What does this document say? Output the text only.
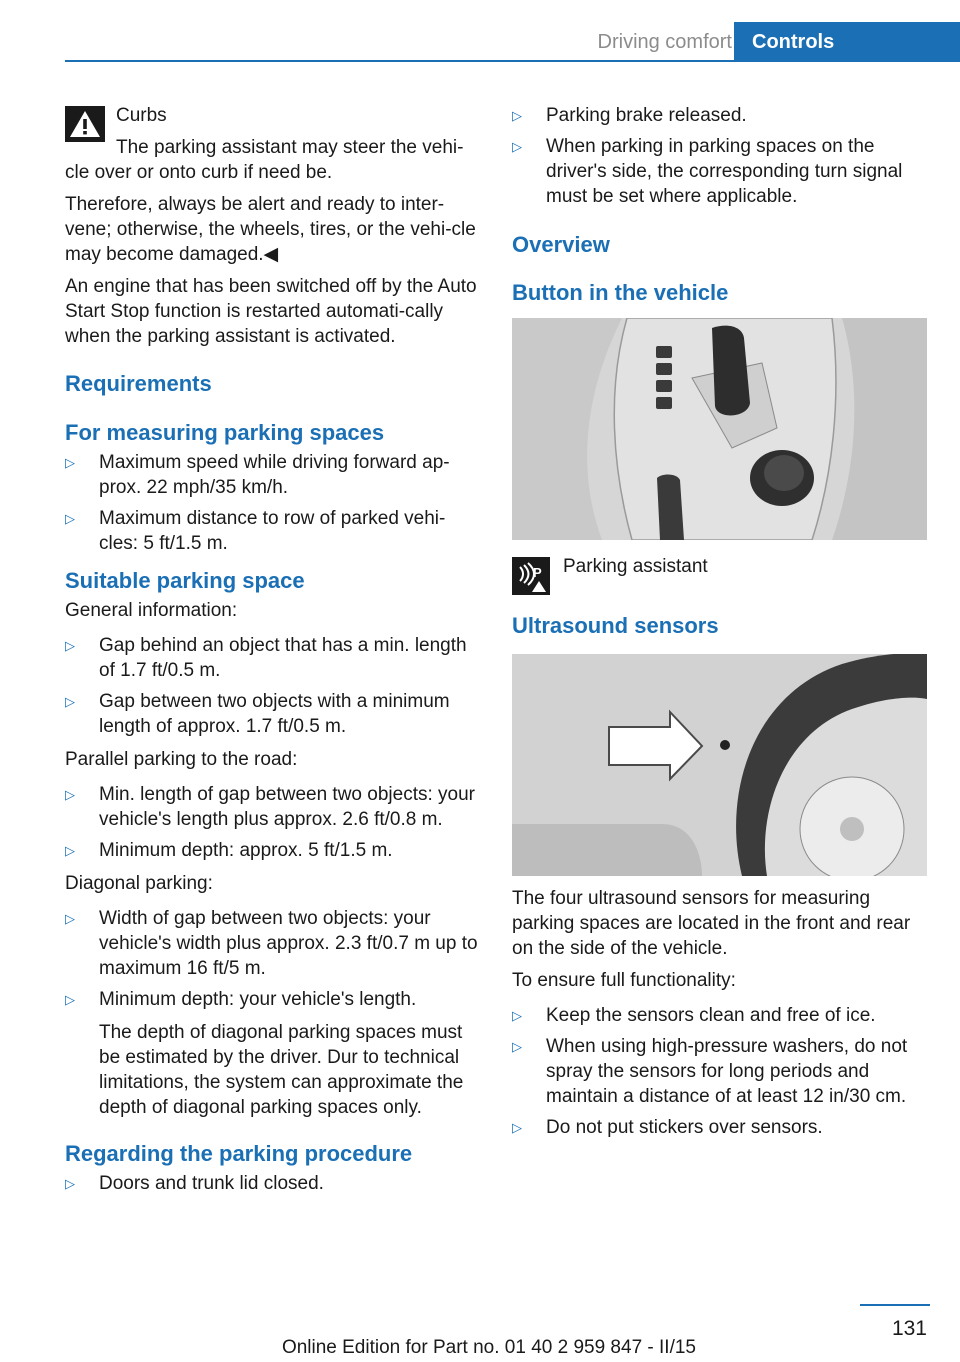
Driving comfort	Controls

Curbs

The parking assistant may steer the vehi-

cle over or onto curb if need be.

Therefore, always be alert and ready to inter-vene; otherwise, the wheels, tires, or the vehi-cle may become damaged.◀

An engine that has been switched off by the Auto Start Stop function is restarted automati-cally when the parking assistant is activated.

Requirements
For measuring parking spaces
▷ Maximum speed while driving forward ap-prox. 22 mph/35 km/h.
▷ Maximum distance to row of parked vehi-cles: 5 ft/1.5 m.
Suitable parking space

General information:

▷ Gap behind an object that has a min. length of 1.7 ft/0.5 m.
▷ Gap between two objects with a minimum length of approx. 1.7 ft/0.5 m.

Parallel parking to the road:

▷ Min. length of gap between two objects: your vehicle's length plus approx. 2.6 ft/0.8 m.
▷ Minimum depth: approx. 5 ft/1.5 m.

Diagonal parking:

▷ Width of gap between two objects: your vehicle's width plus approx. 2.3 ft/0.7 m up to maximum 16 ft/5 m.
▷ Minimum depth: your vehicle's length.
The depth of diagonal parking spaces must be estimated by the driver. Dur to technical limitations, the system can approximate the depth of diagonal parking spaces only.
Regarding the parking procedure
▷ Doors and trunk lid closed.
▷ Parking brake released.
▷ When parking in parking spaces on the driver's side, the corresponding turn signal must be set where applicable.
Overview
Button in the vehicle
P Parking assistant
Ultrasound sensors

The four ultrasound sensors for measuring parking spaces are located in the front and rear on the side of the vehicle.

To ensure full functionality:

▷ Keep the sensors clean and free of ice.
▷ When using high-pressure washers, do not spray the sensors for long periods and maintain a distance of at least 12 in/30 cm.
▷ Do not put stickers over sensors.
131
Online Edition for Part no. 01 40 2 959 847 - II/15
